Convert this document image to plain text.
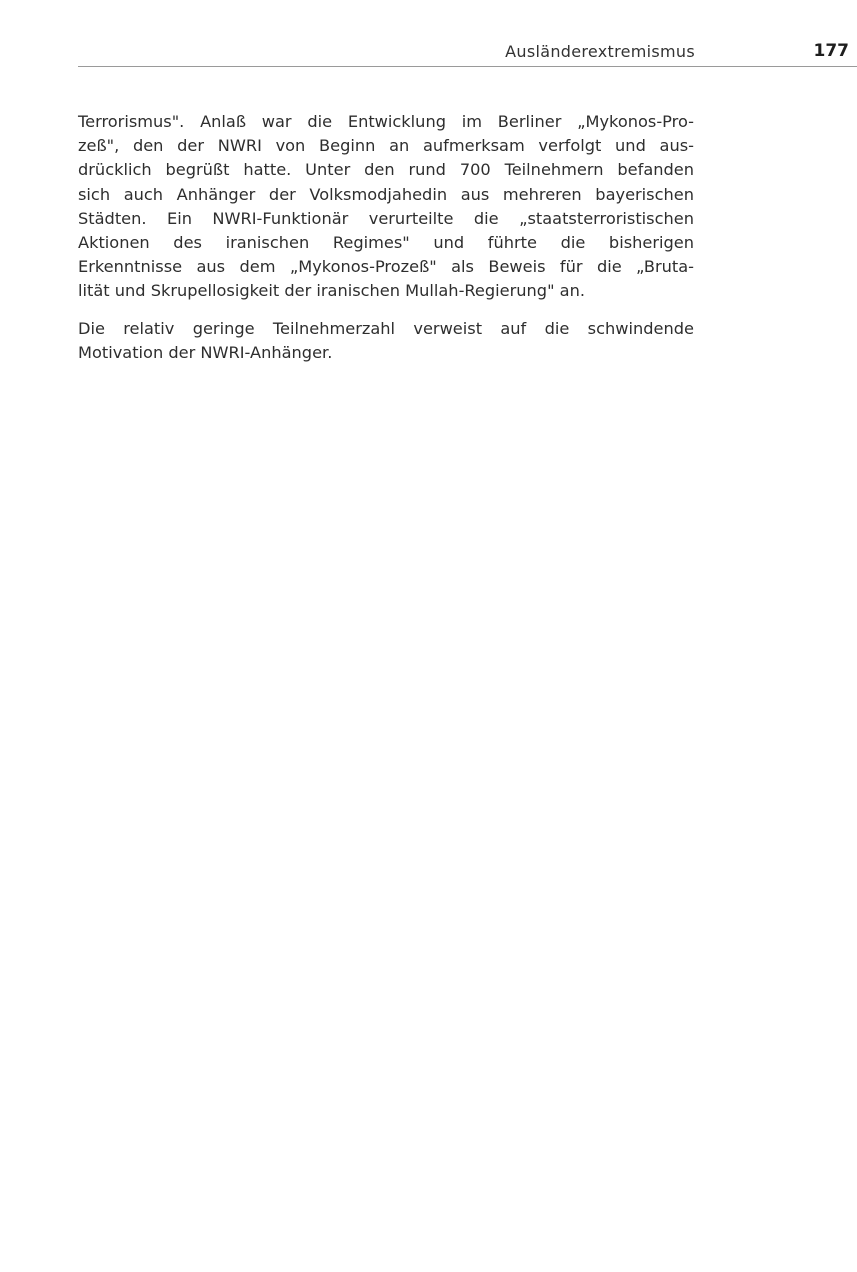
Ausländerextremismus	177

Terrorismus". Anlaß war die Entwicklung im Berliner „Mykonos-Pro-
zeß", den der NWRI von Beginn an aufmerksam verfolgt und aus-
drücklich begrüßt hatte. Unter den rund 700 Teilnehmern befanden
sich auch Anhänger der Volksmodjahedin aus mehreren bayerischen
Städten. Ein NWRI-Funktionär verurteilte die „staatsterroristischen
Aktionen des iranischen Regimes" und führte die bisherigen
Erkenntnisse aus dem „Mykonos-Prozeß" als Beweis für die „Bruta-
lität und Skrupellosigkeit der iranischen Mullah-Regierung" an.

Die relativ geringe Teilnehmerzahl verweist auf die schwindende
Motivation der NWRI-Anhänger.
